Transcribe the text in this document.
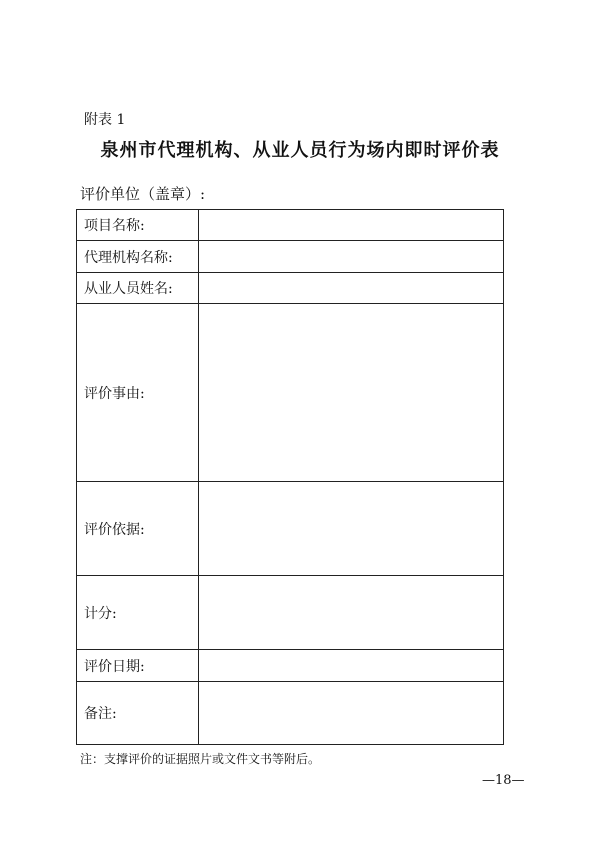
附表 1
泉州市代理机构、从业人员行为场内即时评价表
评价单位（盖章）:
项目名称:	
代理机构名称:	
从业人员姓名:	
评价事由:	
评价依据:	
计分:	
评价日期:	
备注:	
注：支撑评价的证据照片或文件文书等附后。
—18—
